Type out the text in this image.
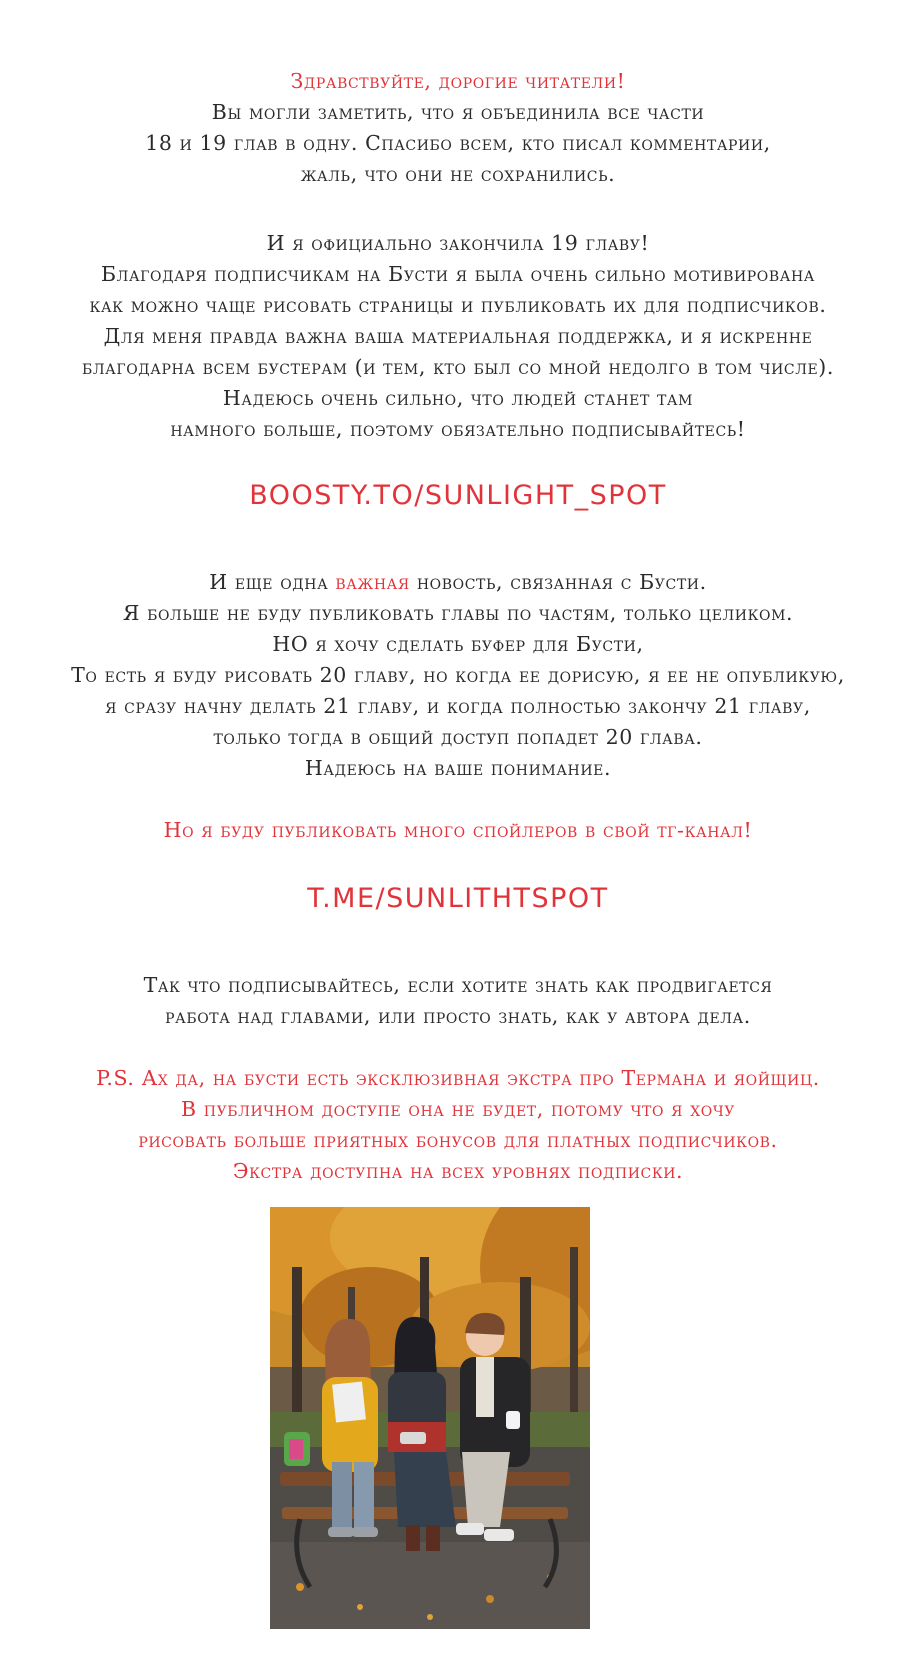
Здравствуйте, дорогие читатели!
Вы могли заметить, что я объединила все части
18 и 19 глав в одну. Спасибо всем, кто писал комментарии,
жаль, что они не сохранились.
И я официально закончила 19 главу!
Благодаря подписчикам на Бусти я была очень сильно мотивирована
как можно чаще рисовать страницы и публиковать их для подписчиков.
Для меня правда важна ваша материальная поддержка, и я искренне
благодарна всем бустерам (и тем, кто был со мной недолго в том числе).
Надеюсь очень сильно, что людей станет там
намного больше, поэтому обязательно подписывайтесь!
BOOSTY.TO/SUNLIGHT_SPOT
И еще одна важная новость, связанная с Бусти.
Я больше не буду публиковать главы по частям, только целиком.
НО я хочу сделать буфер для Бусти,
То есть я буду рисовать 20 главу, но когда ее дорисую, я ее не опубликую,
я сразу начну делать 21 главу, и когда полностью закончу 21 главу,
только тогда в общий доступ попадет 20 глава.
Надеюсь на ваше понимание.
Но я буду публиковать много спойлеров в свой тг-канал!
T.ME/SUNLITHTSPOT
Так что подписывайтесь, если хотите знать как продвигается
работа над главами, или просто знать, как у автора дела.
P.S. Ах да, на бусти есть эксклюзивная экстра про Термана и яойщиц.
В публичном доступе она не будет, потому что я хочу
рисовать больше приятных бонусов для платных подписчиков.
Экстра доступна на всех уровнях подписки.
